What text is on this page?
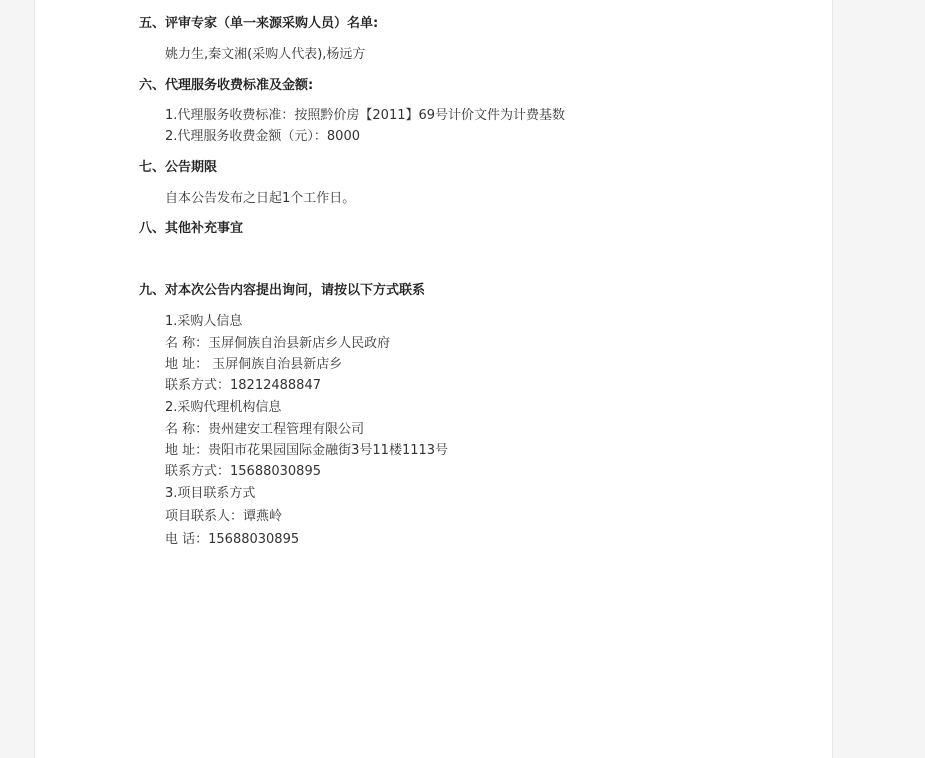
五、评审专家（单一来源采购人员）名单:
姚力生,秦文湘(采购人代表),杨远方
六、代理服务收费标准及金额:
1.代理服务收费标准：按照黔价房【2011】69号计价文件为计费基数
2.代理服务收费金额（元）：8000
七、公告期限
自本公告发布之日起1个工作日。
八、其他补充事宜
九、对本次公告内容提出询问，请按以下方式联系
1.采购人信息
名 称：玉屏侗族自治县新店乡人民政府
地 址： 玉屏侗族自治县新店乡
联系方式：18212488847
2.采购代理机构信息
名 称：贵州建安工程管理有限公司
地 址：贵阳市花果园国际金融街3号11楼1113号
联系方式：15688030895
3.项目联系方式
项目联系人：谭燕岭
电 话：15688030895
